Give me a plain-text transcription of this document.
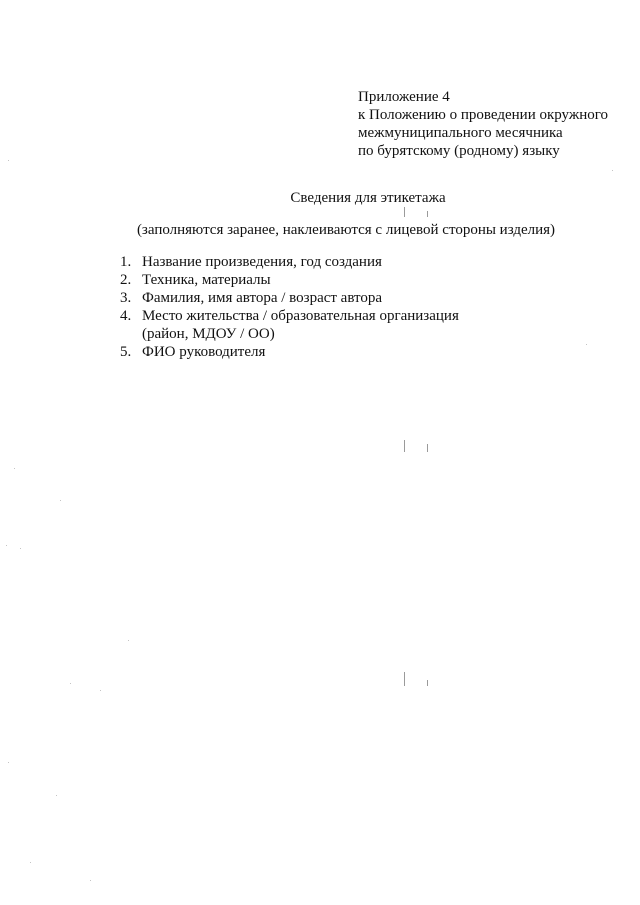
Приложение 4
к Положению о проведении окружного
межмуниципального месячника
по бурятскому (родному) языку
Сведения для этикетажа
(заполняются заранее, наклеиваются с лицевой стороны изделия)
1. Название произведения, год создания
2. Техника, материалы
3. Фамилия, имя автора / возраст автора
4. Место жительства / образовательная организация
(район, МДОУ / ОО)
5. ФИО руководителя
